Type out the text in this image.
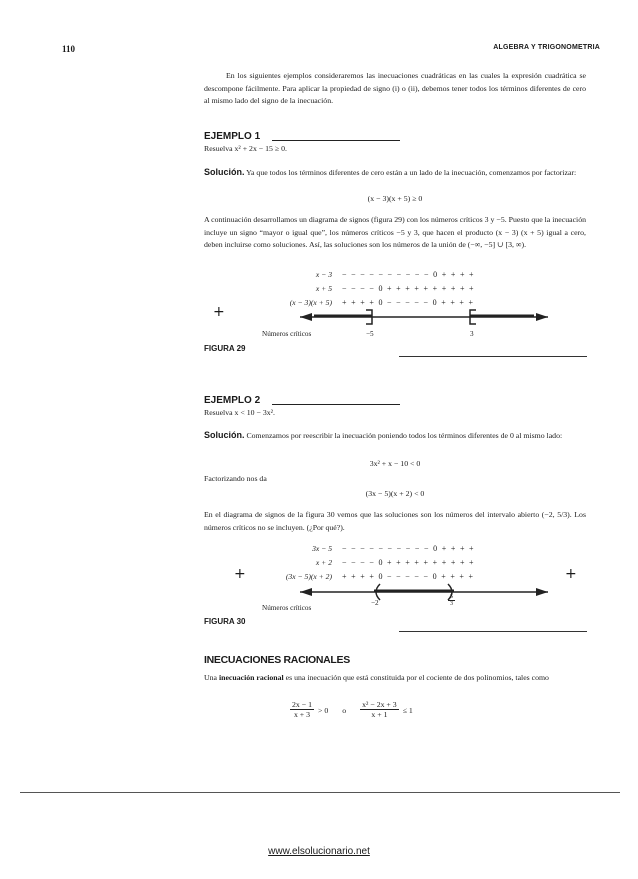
110	ALGEBRA Y TRIGONOMETRIA
En los siguientes ejemplos consideraremos las inecuaciones cuadráticas en las cuales la expresión cuadrática se descompone fácilmente. Para aplicar la propiedad de signo (i) o (ii), debemos tener todos los términos diferentes de cero al mismo lado del signo de la inecuación.
EJEMPLO 1
Resuelva x² + 2x − 15 ≥ 0.
Solución. Ya que todos los términos diferentes de cero están a un lado de la inecuación, comenzamos por factorizar:
(x − 3)(x + 5) ≥ 0
A continuación desarrollamos un diagrama de signos (figura 29) con los números críticos 3 y −5. Puesto que la inecuación incluye un signo “mayor o igual que”, los números críticos −5 y 3, que hacen el producto (x − 3) (x + 5) igual a cero, deben incluirse como soluciones. Así, las soluciones son los números de la unión de (−∞, −5] ∪ [3, ∞).
x − 3 −  −  −  −  −  −  −  −  −  −  0  +  +  +  +
x + 5 −  −  −  −  0  +  +  +  +  +  +  +  +  +  +
(x − 3)(x + 5) +  +  +  +  0  −  −  −  −  −  0  +  +  +  +
+
Números críticos	−5	3
FIGURA 29
EJEMPLO 2
Resuelva x < 10 − 3x².
Solución. Comenzamos por reescribir la inecuación poniendo todos los términos diferentes de 0 al mismo lado:
3x² + x − 10 < 0
Factorizando nos da
(3x − 5)(x + 2) < 0
En el diagrama de signos de la figura 30 vemos que las soluciones son los números del intervalo abierto (−2, 5/3). Los números críticos no se incluyen. (¿Por qué?).
3x − 5 −  −  −  −  −  −  −  −  −  −  0  +  +  +  +
x + 2 −  −  −  −  0  +  +  +  +  +  +  +  +  +  +
(3x − 5)(x + 2) +  +  +  +  0  −  −  −  −  −  0  +  +  +  +
+	+
Números críticos
−2	$\frac{5}{3}$
FIGURA 30
INECUACIONES RACIONALES
Una inecuación racional es una inecuación que está constituida por el cociente de dos polinomios, tales como
$\frac{2x - 1}{x + 3} > 0$ o $\frac{\text{x² − 2x + 3}}{x + 1} \le 1$
www.elsolucionario.net
